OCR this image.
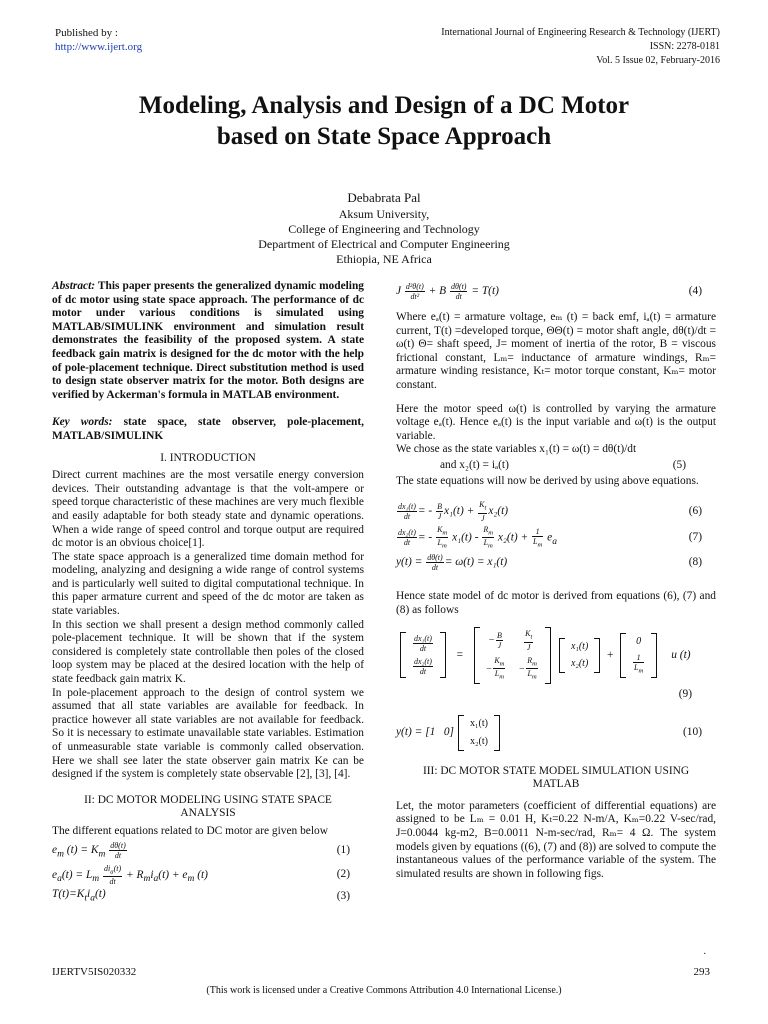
Published by :
http://www.ijert.org
International Journal of Engineering Research & Technology (IJERT)
ISSN: 2278-0181
Vol. 5 Issue 02, February-2016
Modeling, Analysis and Design of a DC Motor
based on State Space Approach
Debabrata Pal
Aksum University,
College of Engineering and Technology
Department of Electrical and Computer Engineering
Ethiopia, NE Africa

Abstract: This paper presents the generalized dynamic modeling of dc motor using state space approach. The performance of dc motor under various conditions is simulated using MATLAB/SIMULINK environment and simulation result demonstrates the feasibility of the proposed system. A state feedback gain matrix is designed for the dc motor with the help of pole-placement technique. Direct substitution method is used to design state observer matrix for the motor. Both designs are verified by Ackerman's formula in MATLAB environment.

Key words: state space, state observer, pole-placement, MATLAB/SIMULINK

I. INTRODUCTION

Direct current machines are the most versatile energy conversion devices. Their outstanding advantage is that the volt-ampere or speed torque characteristic of these machines are very much flexible and easily adaptable for both steady state and dynamic operations. When a wide range of speed control and torque output are required dc motor is an obvious choice[1].

The state space approach is a generalized time domain method for modeling, analyzing and designing a wide range of control systems and is particularly well suited to digital computational technique. In this paper armature current and speed of the dc motor are taken as state variables.

In this section we shall present a design method commonly called pole-placement technique. It will be shown that if the system considered is completely state controllable then poles of the closed loop system may be placed at the desired location with the help of state feedback gain matrix K.

In pole-placement approach to the design of control system we assumed that all state variables are available for feedback. In practice however all state variables are not available for feedback. So it is necessary to estimate unavailable state variables. Estimation of unmeasurable state variable is commonly called observation. Here we shall see later the state observer gain matrix Ke can be designed if the system is completely state observable [2], [3], [4].

II: DC MOTOR MODELING USING STATE SPACE
ANALYSIS

The different equations related to DC motor are given below

$e_m$ $(t) = K_m \frac{d\theta(t)}{dt}$	(1)
$e_a(t) = L_m \frac{di_a(t)}{dt} + R_mi_a(t) + e_m$ (t)	(2)
$T(t)=K_ti_a(t)$	(3)
J $\frac{\text{d²θ(t)}}{\text{dt²}} + B \frac{d\theta(t)}{dt} = T(t)$	(4)

Where eₐ(t) = armature voltage, eₘ (t) = back emf, iₐ(t) = armature current, T(t) =developed torque, ΘΘ(t) = motor shaft angle, dθ(t)/dt = ω(t) Θ= shaft speed, J= moment of inertia of the rotor, B = viscous frictional constant, Lₘ= inductance of armature windings, Rₘ= armature winding resistance, Kₜ= motor torque constant, Kₘ= motor constant.

Here the motor speed ω(t) is controlled by varying the armature voltage eₐ(t). Hence eₐ(t) is the input variable and ω(t) is the output variable.

We chose as the state variables x₁(t) = ω(t) = dθ(t)/dt

and x₂(t) = iₐ(t)	(5)

The state equations will now be derived by using above equations.

$\frac{\text{dx₁(t)}}{dt}$ = - $\frac{B}{J} x_1(t) + \frac{K_t}{J} x_2(t)$	(6)
$\frac{\text{dx₂(t)}}{dt}$ = - $\frac{K_m}{L_m} x_1(t) - \frac{R_m}{L_m} x_2(t) + \frac{1}{L_m} e_a$	(7)
$y(t) = \frac{d\theta(t)}{dt} = \omega(t) = x_1(t)$	(8)

Hence state model of dc motor is derived from equations (6), (7) and (8) as follows

$\frac{\text{dx₁(t)}}{dt}$

$\frac{\text{dx₂(t)}}{dt}$
=
− $\frac{B}{J}$	$\frac{K_t}{J}$

− $\frac{K_m}{L_m}$	− $\frac{R_m}{L_m}$
x₁(t)
x₂(t)
+
0

$\frac{1}{L_m}$ u (t)
(9)
y(t) = [1   0]
x₁(t)
x₂(t)
(10)

III: DC MOTOR STATE MODEL SIMULATION USING
MATLAB

Let, the motor parameters (coefficient of differential equations) are assigned to be Lₘ = 0.01 H, Kₜ=0.22 N-m/A, Kₘ=0.22 V-sec/rad, J=0.0044 kg-m2, B=0.0011 N-m-sec/rad, Rₘ= 4 Ω. The system models given by equations ((6), (7) and (8)) are solved to compute the instantaneous values of the performance variable of the system. The simulated results are shown in following figs.

.
IJERTV5IS020332	293
(This work is licensed under a Creative Commons Attribution 4.0 International License.)
